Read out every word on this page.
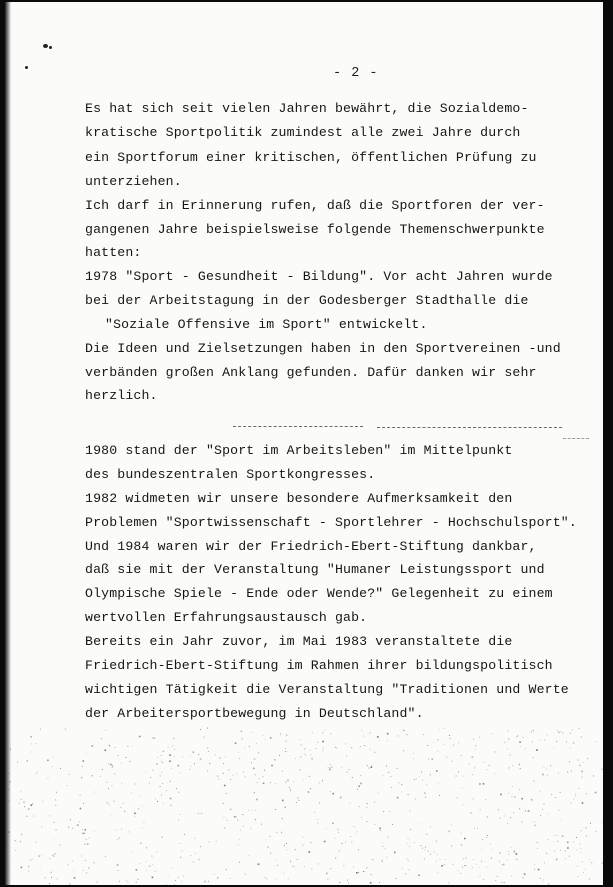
- 2 -

Es hat sich seit vielen Jahren bewährt, die Sozialdemo-

kratische Sportpolitik zumindest alle zwei Jahre durch

ein Sportforum einer kritischen, öffentlichen Prüfung zu

unterziehen.

Ich darf in Erinnerung rufen, daß die Sportforen der ver-

gangenen Jahre beispielsweise folgende Themenschwerpunkte

hatten:

1978 "Sport - Gesundheit - Bildung". Vor acht Jahren wurde

bei der Arbeitstagung in der Godesberger Stadthalle die

"Soziale Offensive im Sport" entwickelt.

Die Ideen und Zielsetzungen haben in den Sportvereinen -und

verbänden großen Anklang gefunden. Dafür danken wir sehr

herzlich.

1980 stand der "Sport im Arbeitsleben" im Mittelpunkt

des bundeszentralen Sportkongresses.

1982 widmeten wir unsere besondere Aufmerksamkeit den

Problemen "Sportwissenschaft - Sportlehrer - Hochschulsport".

Und 1984 waren wir der Friedrich-Ebert-Stiftung dankbar,

daß sie mit der Veranstaltung "Humaner Leistungssport und

Olympische Spiele - Ende oder Wende?" Gelegenheit zu einem

wertvollen Erfahrungsaustausch gab.

Bereits ein Jahr zuvor, im Mai 1983 veranstaltete die

Friedrich-Ebert-Stiftung im Rahmen ihrer bildungspolitisch

wichtigen Tätigkeit die Veranstaltung "Traditionen und Werte

der Arbeitersportbewegung in Deutschland".
